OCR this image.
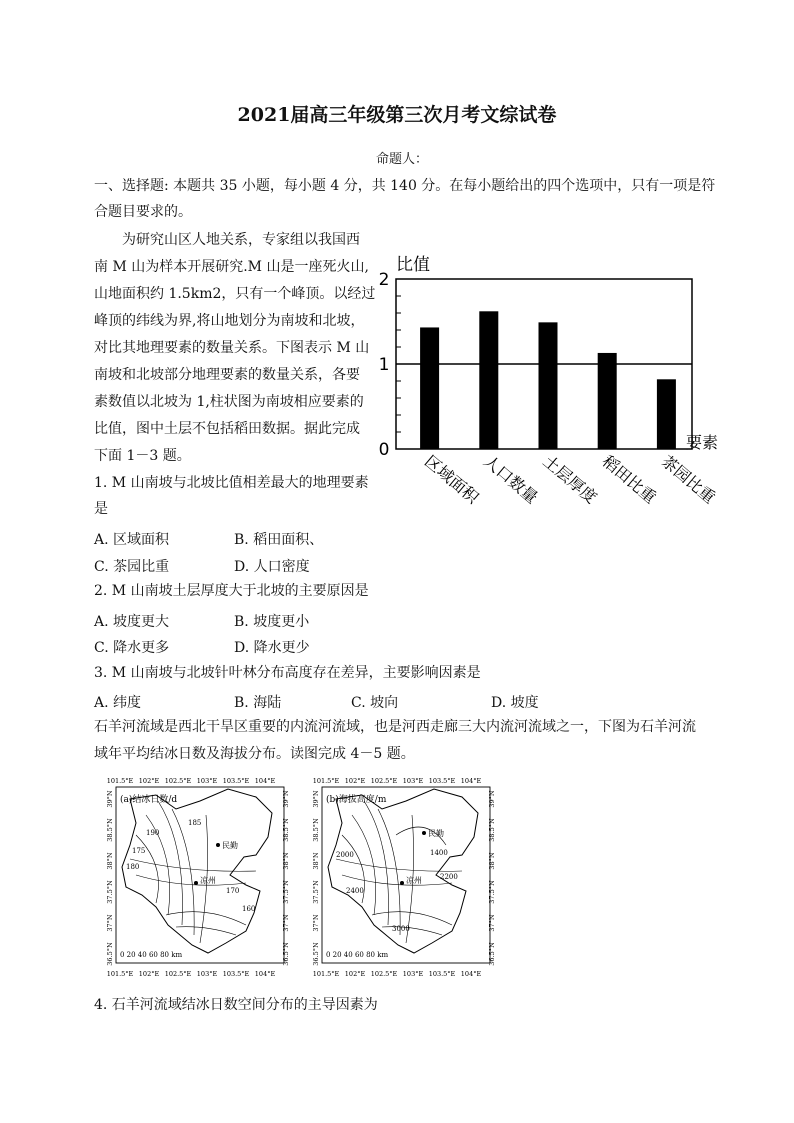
2021届高三年级第三次月考文综试卷
命题人：
一、选择题: 本题共 35 小题，每小题 4 分，共 140 分。在每小题给出的四个选项中，只有一项是符
合题目要求的。
为研究山区人地关系，专家组以我国西
南 M 山为样本开展研究.M 山是一座死火山,
山地面积约 1.5km2，只有一个峰顶。以经过
峰顶的纬线为界,将山地划分为南坡和北坡，
对比其地理要素的数量关系。下图表示 M 山
南坡和北坡部分地理要素的数量关系，各要
素数值以北坡为 1,柱状图为南坡相应要素的
比值，图中土层不包括稻田数据。据此完成
下面 1－3 题。
1. M 山南坡与北坡比值相差最大的地理要素
是
A. 区域面积	B. 稻田面积、
C. 茶园比重	D. 人口密度
2. M 山南坡土层厚度大于北坡的主要原因是
A. 坡度更大	B. 坡度更小
C. 降水更多	D. 降水更少
3. M 山南坡与北坡针叶林分布高度存在差异，主要影响因素是
A. 纬度	B. 海陆	C. 坡向	D. 坡度
石羊河流域是西北干旱区重要的内流河流域，也是河西走廊三大内流河流域之一，下图为石羊河流
域年平均结冰日数及海拔分布。读图完成 4－5 题。
比值
2
1
0	要素
区域面积
人口数量
土层厚度
稻田比重
茶园比重
(a)结冰日数/d
民勤
凉州
190
175
180
185
170
160
0 20 40 60 80 km
(b)海拔高度/m
民勤
凉州
1400
2000
2200
2400
3000
0 20 40 60 80 km
101.5°E
101.5°E
102°E
102°E
102.5°E
102.5°E
103°E
103°E
103.5°E
103.5°E
104°E
104°E
39°N	39°N
38.5°N	38.5°N
38°N	38°N
37.5°N	37.5°N
37°N	37°N
36.5°N	36.5°N
101.5°E
101.5°E
102°E
102°E
102.5°E
102.5°E
103°E
103°E
103.5°E
103.5°E
104°E
104°E
39°N	39°N
38.5°N	38.5°N
38°N	38°N
37.5°N	37.5°N
37°N	37°N
36.5°N	36.5°N
4. 石羊河流域结冰日数空间分布的主导因素为
